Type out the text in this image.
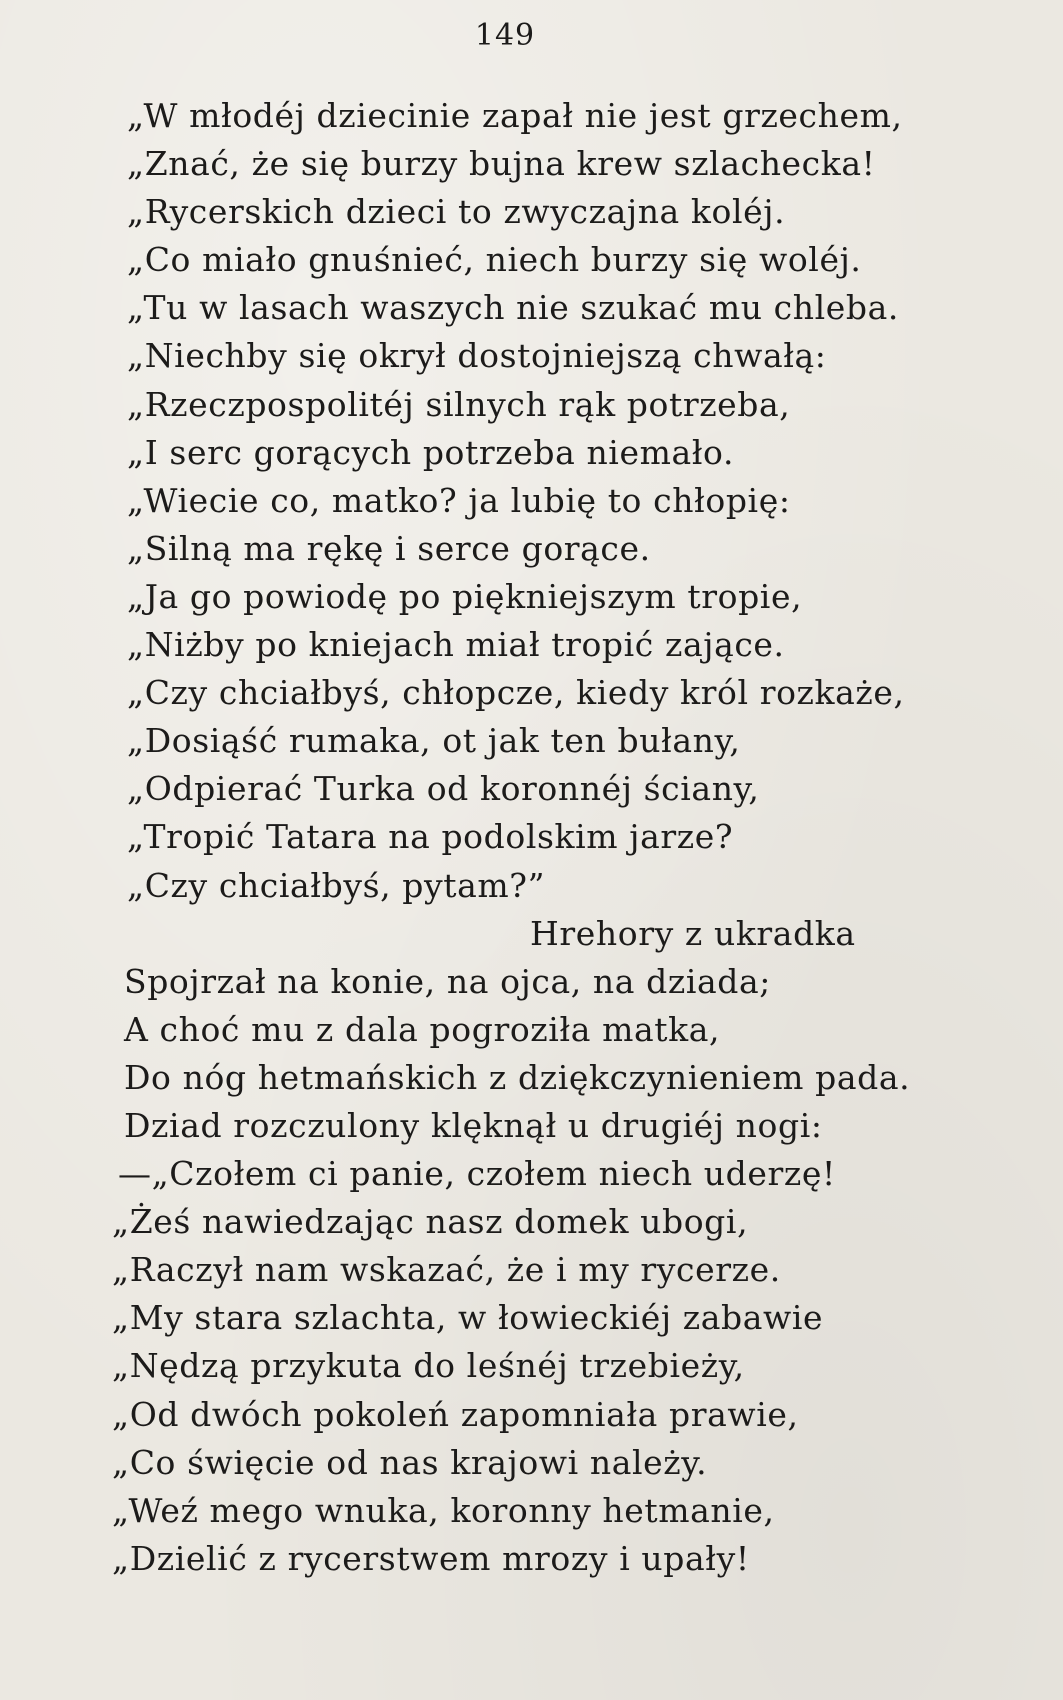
149
„W młodéj dziecinie zapał nie jest grzechem,
„Znać, że się burzy bujna krew szlachecka!
„Rycerskich dzieci to zwyczajna koléj.
„Co miało gnuśnieć, niech burzy się woléj.
„Tu w lasach waszych nie szukać mu chleba.
„Niechby się okrył dostojniejszą chwałą:
„Rzeczpospolitéj silnych rąk potrzeba,
„I serc gorących potrzeba niemało.
„Wiecie co, matko? ja lubię to chłopię:
„Silną ma rękę i serce gorące.
„Ja go powiodę po piękniejszym tropie,
„Niżby po kniejach miał tropić zające.
„Czy chciałbyś, chłopcze, kiedy król rozkaże,
„Dosiąść rumaka, ot jak ten bułany,
„Odpierać Turka od koronnéj ściany,
„Tropić Tatara na podolskim jarze?
„Czy chciałbyś, pytam?”
Hrehory z ukradka
Spojrzał na konie, na ojca, na dziada;
A choć mu z dala pogroziła matka,
Do nóg hetmańskich z dziękczynieniem pada.
Dziad rozczulony klęknął u drugiéj nogi:
—„Czołem ci panie, czołem niech uderzę!
„Żeś nawiedzając nasz domek ubogi,
„Raczył nam wskazać, że i my rycerze.
„My stara szlachta, w łowieckiéj zabawie
„Nędzą przykuta do leśnéj trzebieży,
„Od dwóch pokoleń zapomniała prawie,
„Co święcie od nas krajowi należy.
„Weź mego wnuka, koronny hetmanie,
„Dzielić z rycerstwem mrozy i upały!
